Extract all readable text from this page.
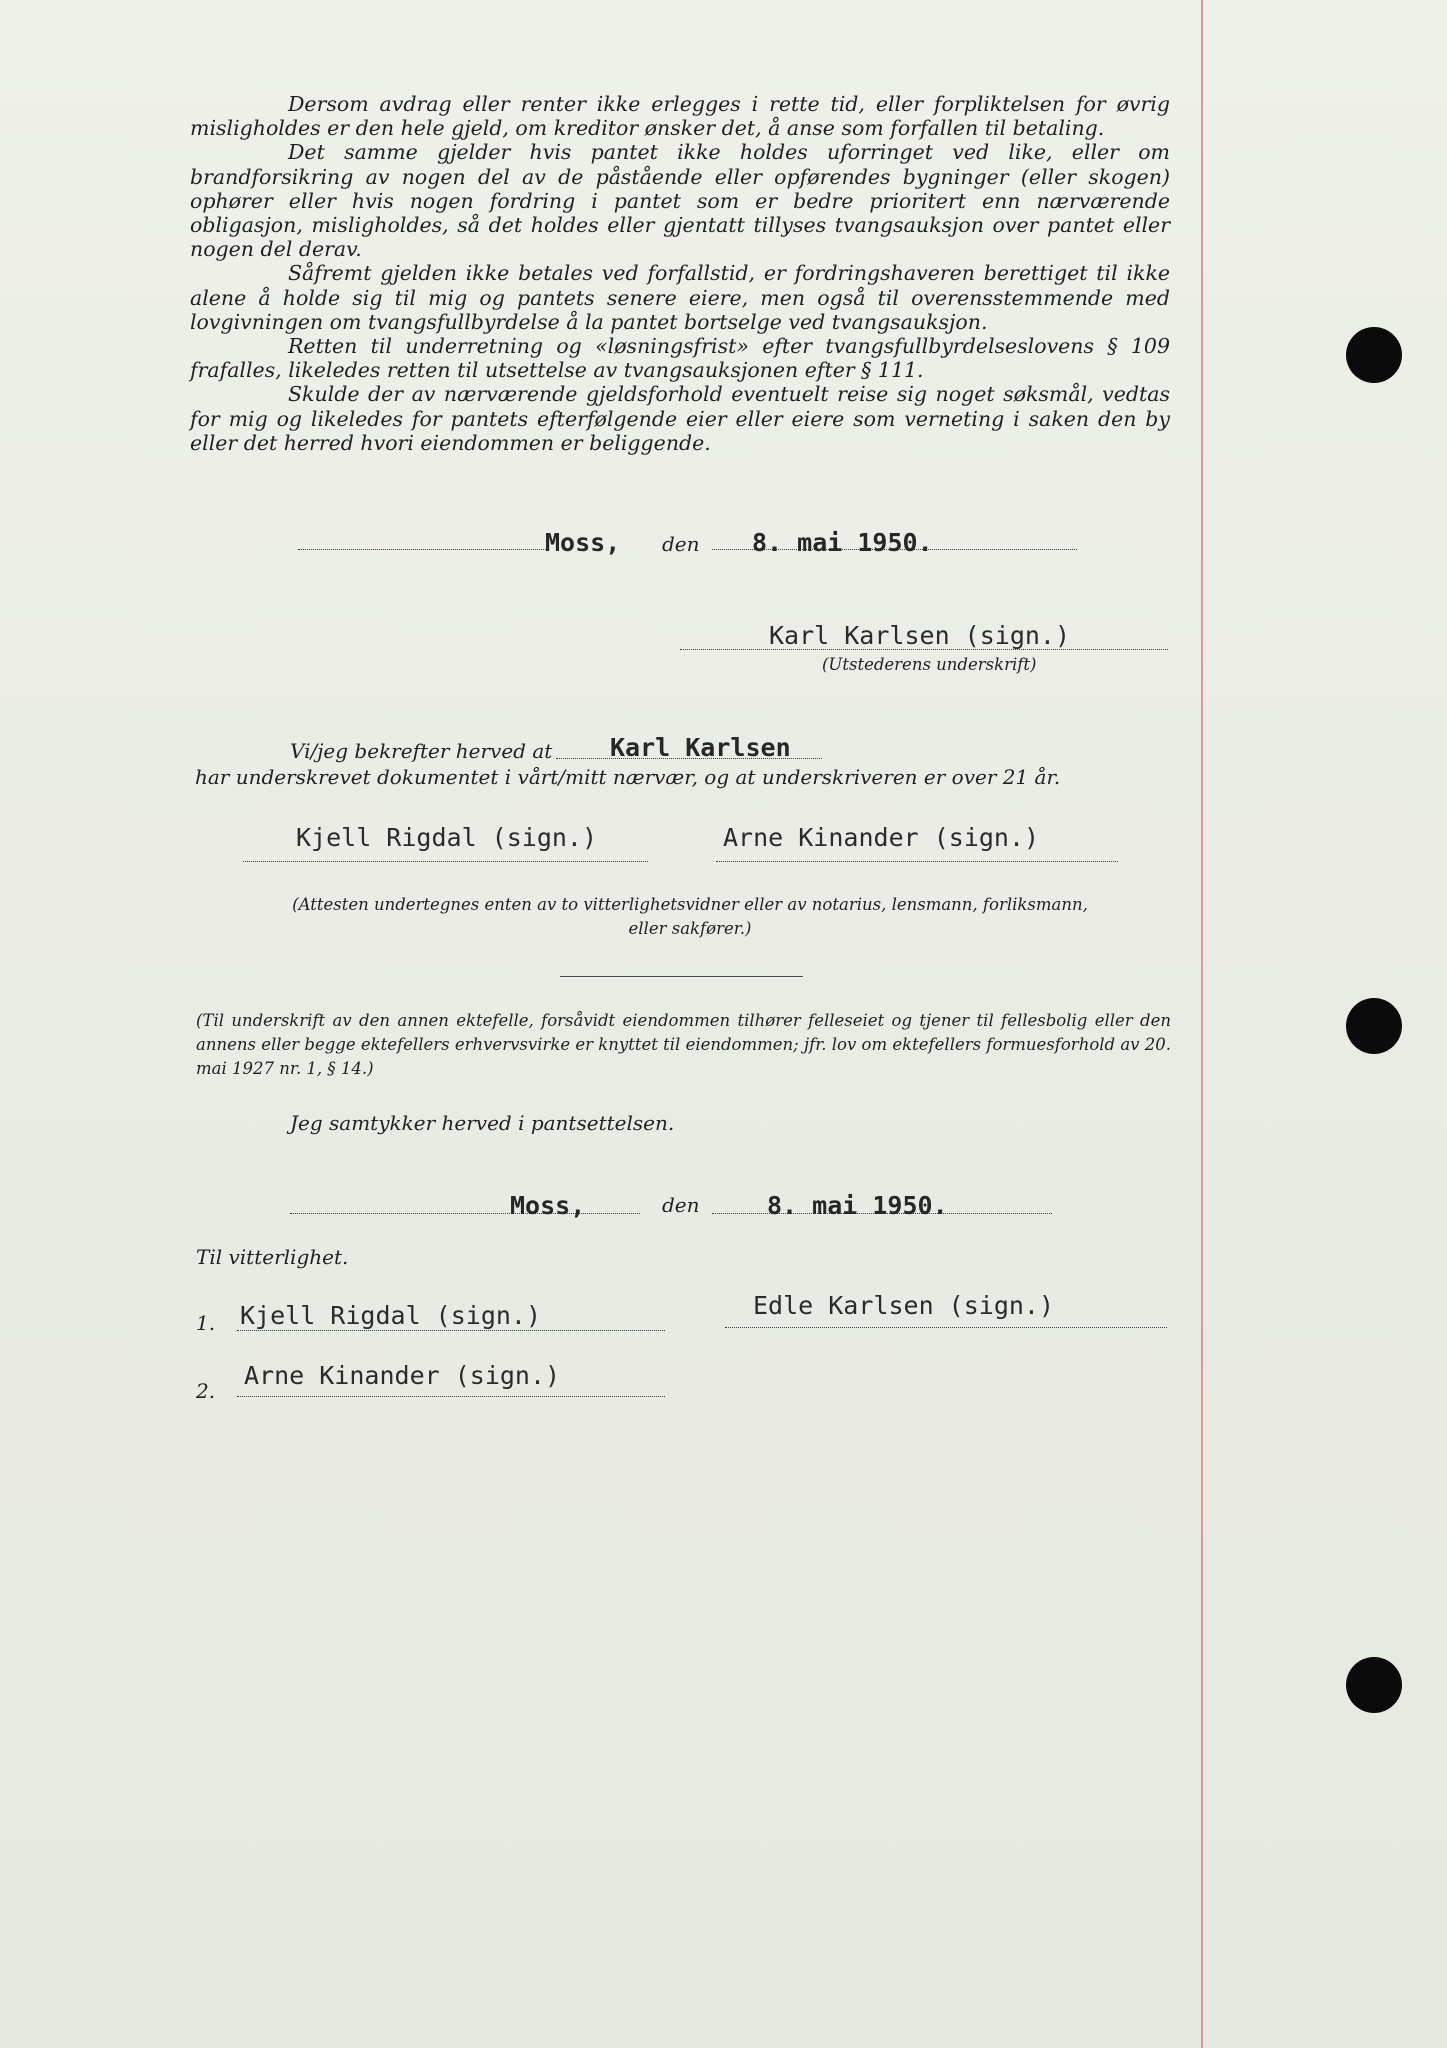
Dersom avdrag eller renter ikke erlegges i rette tid, eller forpliktelsen for øvrig misligholdes er den hele gjeld, om kreditor ønsker det, å anse som forfallen til betaling.

Det samme gjelder hvis pantet ikke holdes uforringet ved like, eller om brandforsikring av nogen del av de påstående eller opførendes bygninger (eller skogen) ophører eller hvis nogen fordring i pantet som er bedre prioritert enn nærværende obligasjon, misligholdes, så det holdes eller gjentatt tillyses tvangsauksjon over pantet eller nogen del derav.

Såfremt gjelden ikke betales ved forfallstid, er fordringshaveren berettiget til ikke alene å holde sig til mig og pantets senere eiere, men også til overensstemmende med lovgivningen om tvangsfullbyrdelse å la pantet bortselge ved tvangsauksjon.

Retten til underretning og «løsningsfrist» efter tvangsfullbyrdelseslovens § 109 frafalles, likeledes retten til utsettelse av tvangsauksjonen efter § 111.

Skulde der av nærværende gjeldsforhold eventuelt reise sig noget søksmål, vedtas for mig og likeledes for pantets efterfølgende eier eller eiere som verneting i saken den by eller det herred hvori eiendommen er beliggende.

Moss, den 8. mai 1950.
Karl Karlsen (sign.)
(Utstederens underskrift)
Vi/jeg bekrefter herved at Karl Karlsen
har underskrevet dokumentet i vårt/mitt nærvær, og at underskriveren er over 21 år.
Kjell Rigdal (sign.)	Arne Kinander (sign.)
(Attesten undertegnes enten av to vitterlighetsvidner eller av notarius, lensmann, forliksmann, eller sakfører.)
(Til underskrift av den annen ektefelle, forsåvidt eiendommen tilhører felleseiet og tjener til fellesbolig eller den annens eller begge ektefellers erhvervsvirke er knyttet til eiendommen; jfr. lov om ektefellers formuesforhold av 20. mai 1927 nr. 1, § 14.)
Jeg samtykker herved i pantsettelsen.
Moss,	den	8. mai 1950.
Til vitterlighet.
1. Kjell Rigdal (sign.)	Edle Karlsen (sign.)
2.
Arne Kinander (sign.)
